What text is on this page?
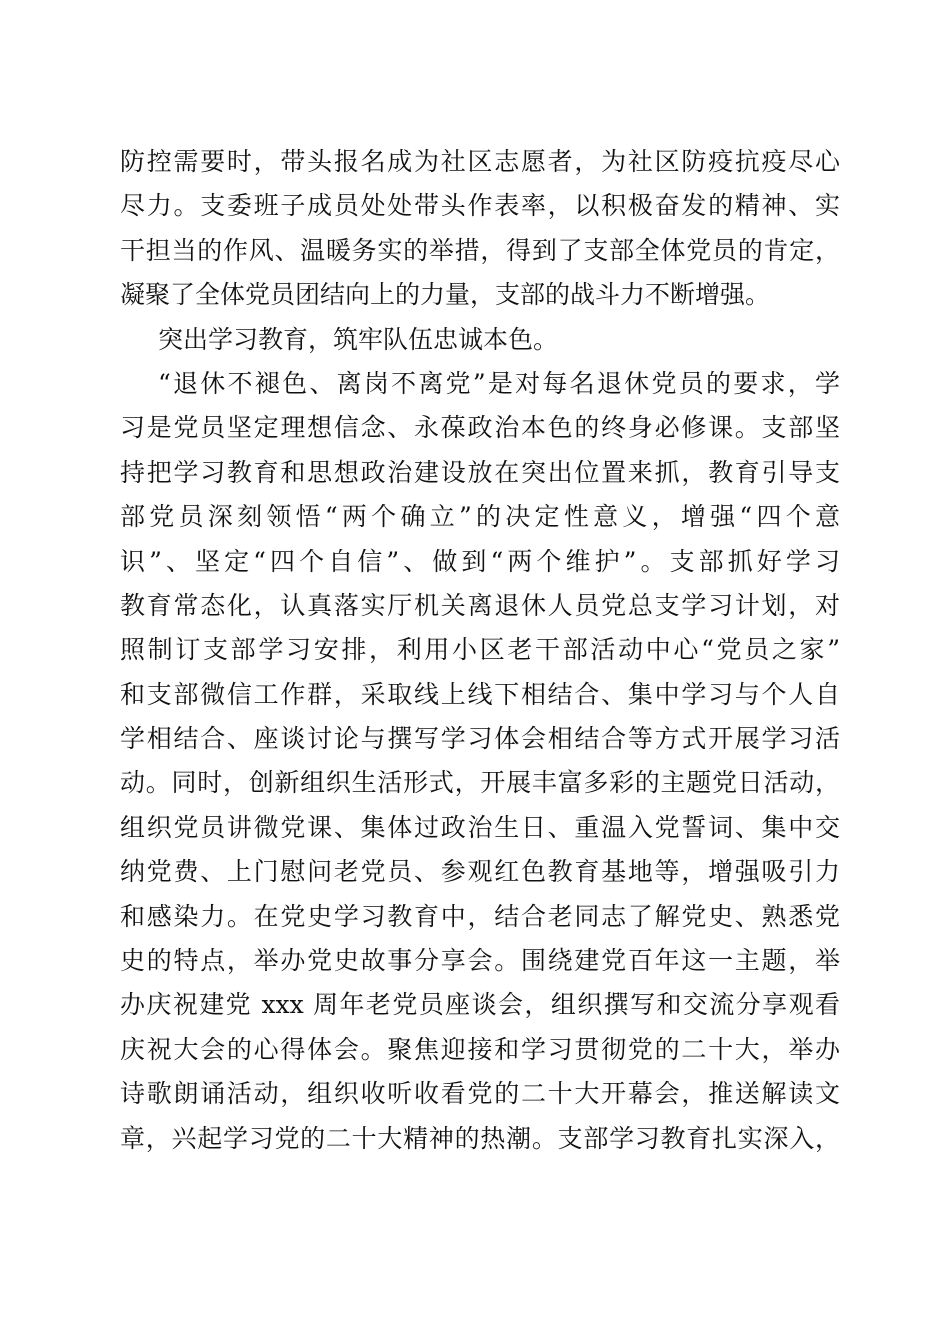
防控需要时，带头报名成为社区志愿者，为社区防疫抗疫尽心
尽力。支委班子成员处处带头作表率，以积极奋发的精神、实
干担当的作风、温暖务实的举措，得到了支部全体党员的肯定，
凝聚了全体党员团结向上的力量，支部的战斗力不断增强。
突出学习教育，筑牢队伍忠诚本色。
“退休不褪色、离岗不离党”是对每名退休党员的要求，学
习是党员坚定理想信念、永葆政治本色的终身必修课。支部坚
持把学习教育和思想政治建设放在突出位置来抓，教育引导支
部党员深刻领悟“两个确立”的决定性意义，增强“四个意
识”、坚定“四个自信”、做到“两个维护”。支部抓好学习
教育常态化，认真落实厅机关离退休人员党总支学习计划，对
照制订支部学习安排，利用小区老干部活动中心“党员之家”
和支部微信工作群，采取线上线下相结合、集中学习与个人自
学相结合、座谈讨论与撰写学习体会相结合等方式开展学习活
动。同时，创新组织生活形式，开展丰富多彩的主题党日活动，
组织党员讲微党课、集体过政治生日、重温入党誓词、集中交
纳党费、上门慰问老党员、参观红色教育基地等，增强吸引力
和感染力。在党史学习教育中，结合老同志了解党史、熟悉党
史的特点，举办党史故事分享会。围绕建党百年这一主题，举
办庆祝建党 xxx 周年老党员座谈会，组织撰写和交流分享观看
庆祝大会的心得体会。聚焦迎接和学习贯彻党的二十大，举办
诗歌朗诵活动，组织收听收看党的二十大开幕会，推送解读文
章，兴起学习党的二十大精神的热潮。支部学习教育扎实深入，
